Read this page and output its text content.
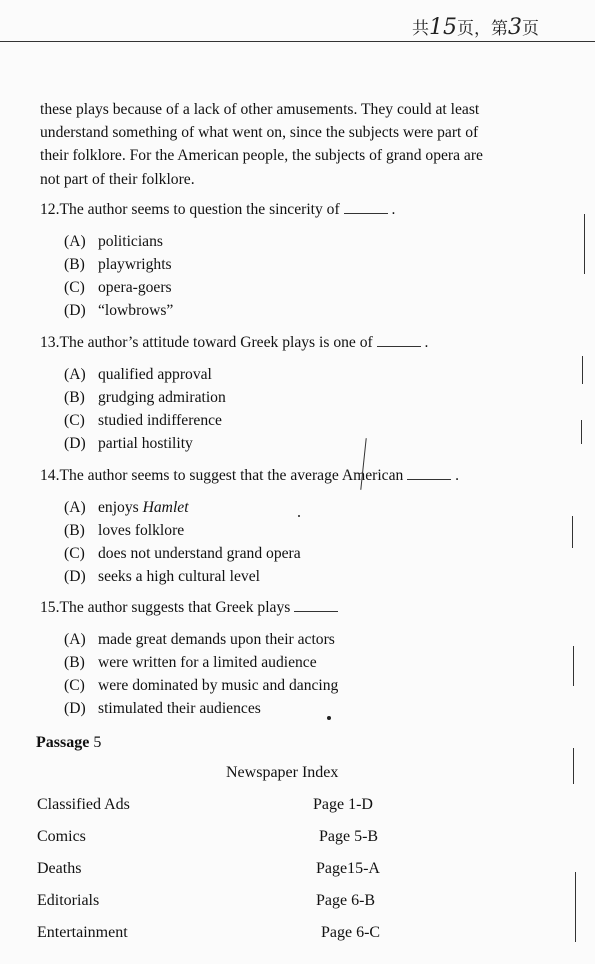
共15页，第3页
these plays because of a lack of other amusements. They could at least
understand something of what went on, since the subjects were part of
their folklore. For the American people, the subjects of grand opera are
not part of their folklore.
12.The author seems to question the sincerity of	.
(A) politicians
(B) playwrights
(C) opera-goers
(D) “lowbrows”
13.The author’s attitude toward Greek plays is one of	.
(A) qualified approval
(B) grudging admiration
(C) studied indifference
(D) partial hostility
14.The author seems to suggest that the average American	.
(A) enjoys Hamlet
(B) loves folklore
(C) does not understand grand opera
(D) seeks a high cultural level
15.The author suggests that Greek plays
(A) made great demands upon their actors
(B) were written for a limited audience
(C) were dominated by music and dancing
(D) stimulated their audiences
Passage 5
Newspaper Index
Classified Ads	Page 1-D
Comics	Page 5-B
Deaths	Page15-A
Editorials	Page 6-B
Entertainment	Page 6-C
